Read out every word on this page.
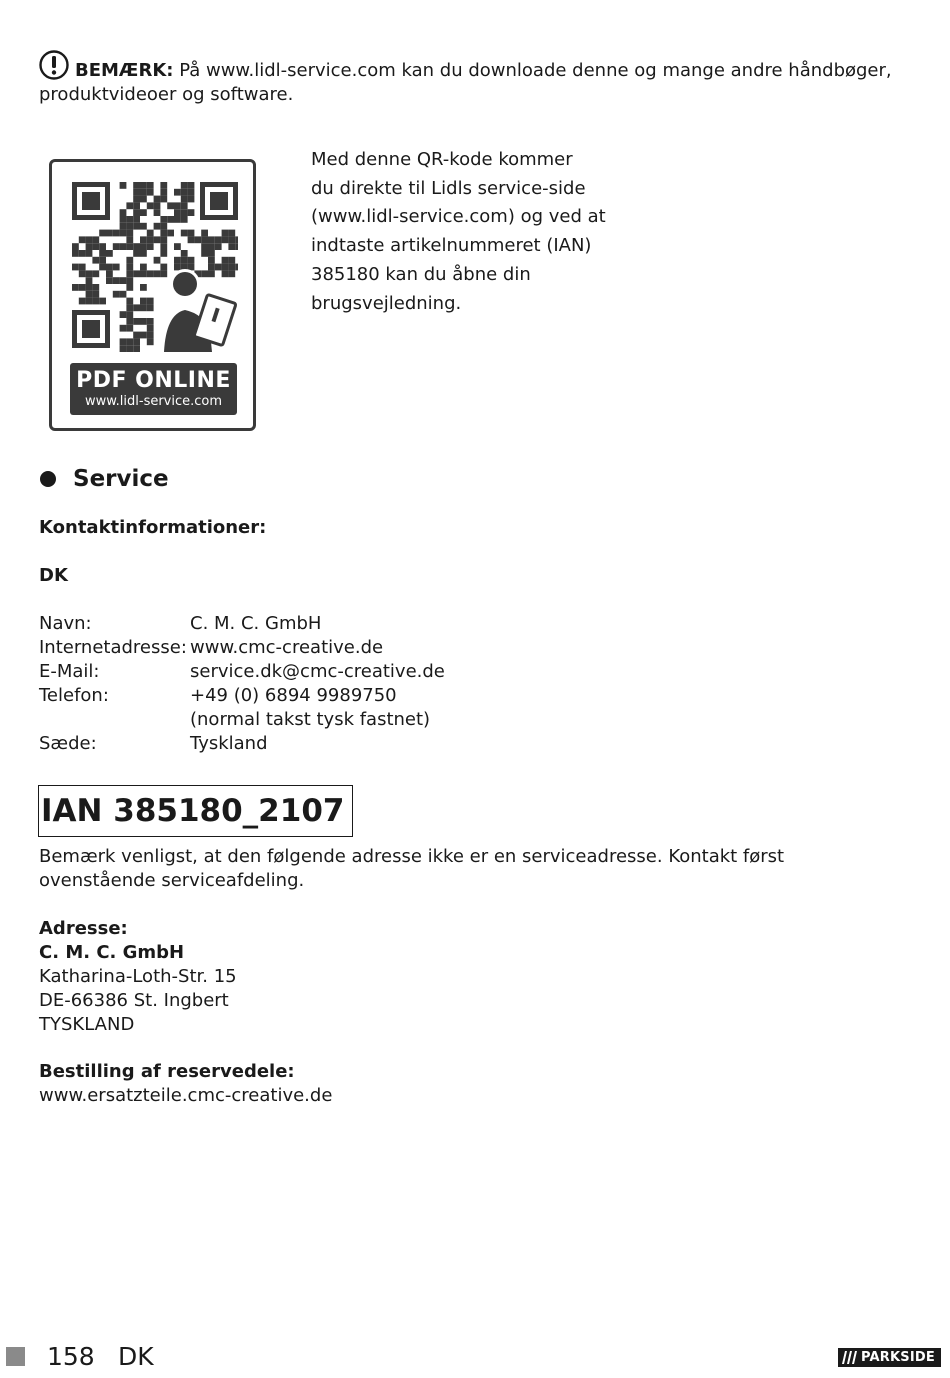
BEMÆRK: På www.lidl-service.com kan du downloade denne og mange andre håndbøger, produktvideoer og software.
PDF ONLINE
www.lidl-service.com
Med denne QR-kode kommer
du direkte til Lidls service-side
(www.lidl-service.com) og ved at
indtaste artikelnummeret (IAN)
385180 kan du åbne din
brugsvejledning.
Service
Kontaktinformationer:
DK
Navn:	C. M. C. GmbH
Internetadresse:	www.cmc-creative.de
E-Mail:	service.dk@cmc-creative.de
Telefon:	+49 (0) 6894 9989750
	(normal takst tysk fastnet)
Sæde:	Tyskland
IAN 385180_2107
Bemærk venligst, at den følgende adresse ikke er en serviceadresse. Kontakt først ovenstående serviceafdeling.
Adresse:
C. M. C. GmbH
Katharina-Loth-Str. 15
DE-66386 St. Ingbert
TYSKLAND
Bestilling af reservedele:
www.ersatzteile.cmc-creative.de
158 DK	PARKSIDE
